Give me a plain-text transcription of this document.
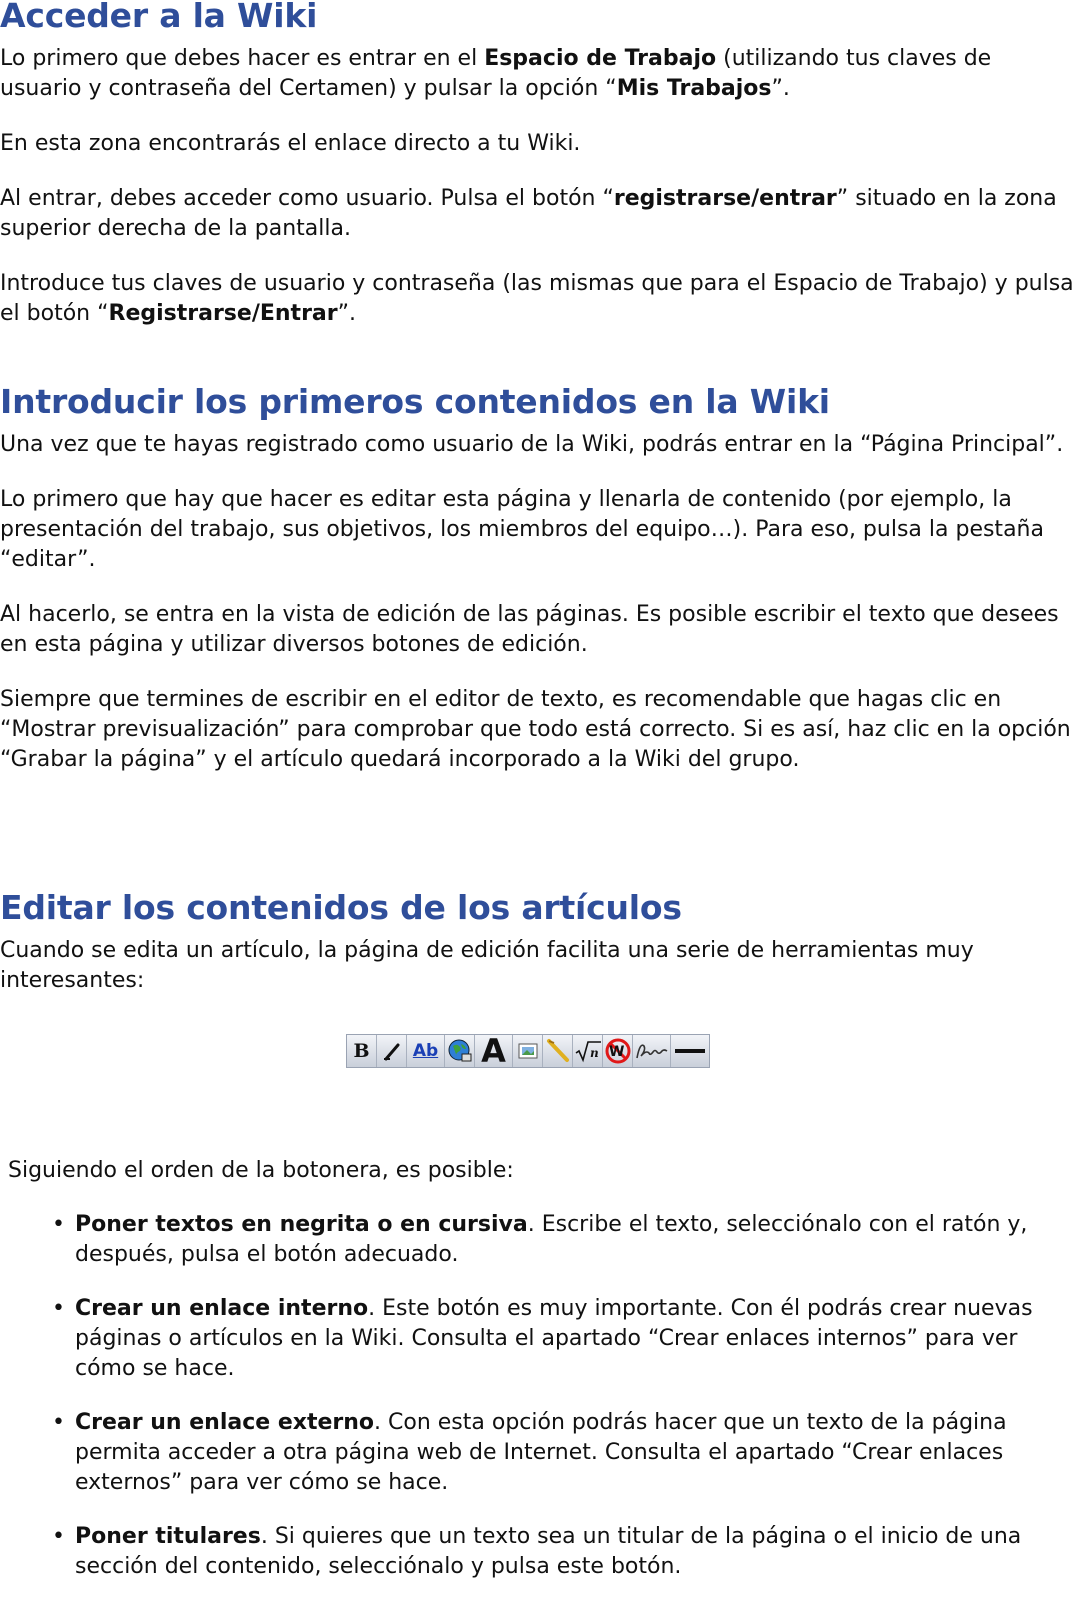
Acceder a la Wiki

Lo primero que debes hacer es entrar en el Espacio de Trabajo (utilizando tus claves de usuario y contraseña del Certamen) y pulsar la opción “Mis Trabajos”.

En esta zona encontrarás el enlace directo a tu Wiki.

Al entrar, debes acceder como usuario. Pulsa el botón “registrarse/entrar” situado en la zona superior derecha de la pantalla.

Introduce tus claves de usuario y contraseña (las mismas que para el Espacio de Trabajo) y pulsa el botón “Registrarse/Entrar”.

Introducir los primeros contenidos en la Wiki

Una vez que te hayas registrado como usuario de la Wiki, podrás entrar en la “Página Principal”.

Lo primero que hay que hacer es editar esta página y llenarla de contenido (por ejemplo, la presentación del trabajo, sus objetivos, los miembros del equipo…). Para eso, pulsa la pestaña “editar”.

Al hacerlo, se entra en la vista de edición de las páginas. Es posible escribir el texto que desees en esta página y utilizar diversos botones de edición.

Siempre que termines de escribir en el editor de texto, es recomendable que hagas clic en “Mostrar previsualización” para comprobar que todo está correcto. Si es así, haz clic en la opción “Grabar la página” y el artículo quedará incorporado a la Wiki del grupo.

Editar los contenidos de los artículos

Cuando se edita un artículo, la página de edición facilita una serie de herramientas muy interesantes:

B	Ab A	n W

Siguiendo el orden de la botonera, es posible:

• Poner textos en negrita o en cursiva. Escribe el texto, selecciónalo con el ratón y, después, pulsa el botón adecuado.
• Crear un enlace interno. Este botón es muy importante. Con él podrás crear nuevas páginas o artículos en la Wiki. Consulta el apartado “Crear enlaces internos” para ver cómo se hace.
• Crear un enlace externo. Con esta opción podrás hacer que un texto de la página permita acceder a otra página web de Internet. Consulta el apartado “Crear enlaces externos” para ver cómo se hace.
• Poner titulares. Si quieres que un texto sea un titular de la página o el inicio de una sección del contenido, selecciónalo y pulsa este botón.
